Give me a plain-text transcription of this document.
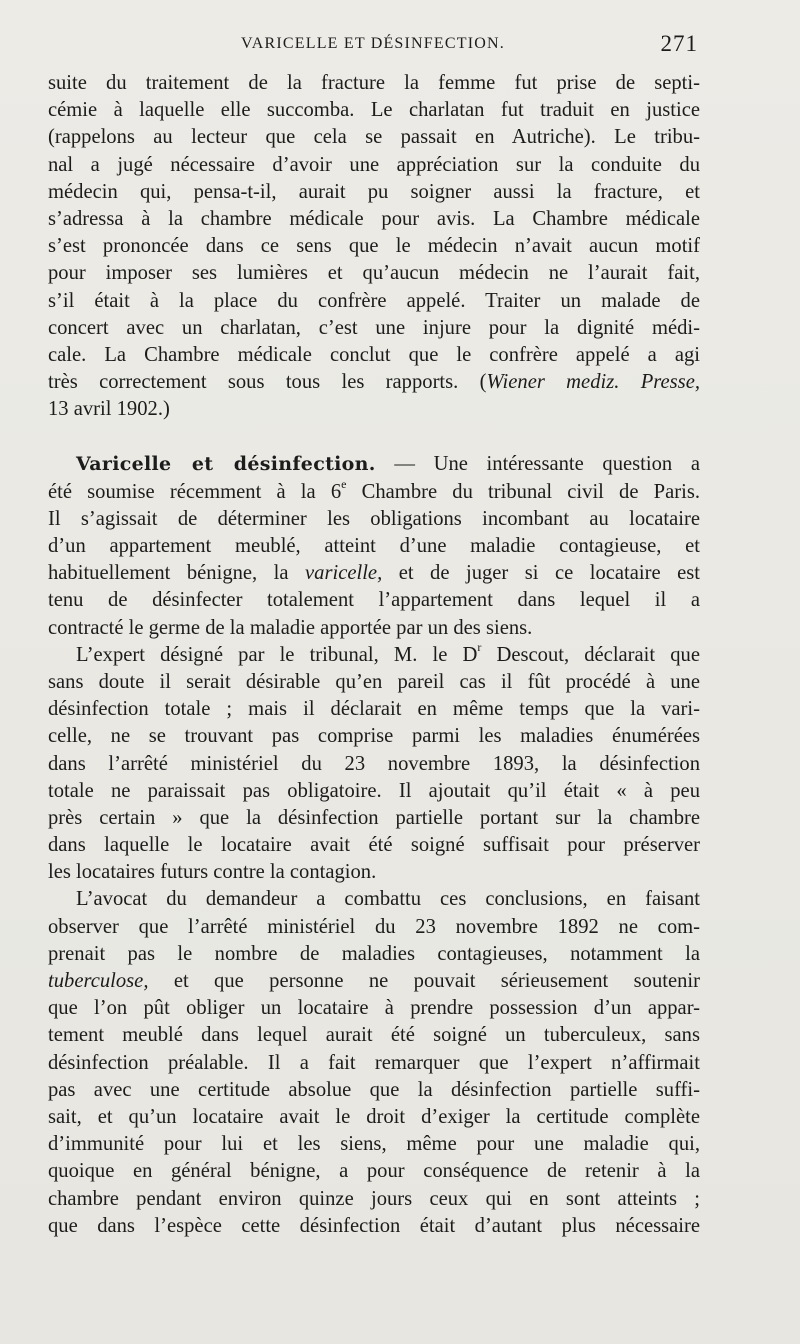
VARICELLE ET DÉSINFECTION.	271
suite du traitement de la fracture la femme fut prise de septi-
cémie à laquelle elle succomba. Le charlatan fut traduit en justice
(rappelons au lecteur que cela se passait en Autriche). Le tribu-
nal a jugé nécessaire d’avoir une appréciation sur la conduite du
médecin qui, pensa-t-il, aurait pu soigner aussi la fracture, et
s’adressa à la chambre médicale pour avis. La Chambre médicale
s’est prononcée dans ce sens que le médecin n’avait aucun motif
pour imposer ses lumières et qu’aucun médecin ne l’aurait fait,
s’il était à la place du confrère appelé. Traiter un malade de
concert avec un charlatan, c’est une injure pour la dignité médi-
cale. La Chambre médicale conclut que le confrère appelé a agi
très correctement sous tous les rapports. (Wiener mediz. Presse,
13 avril 1902.)
Varicelle et désinfection. — Une intéressante question a
été soumise récemment à la 6e Chambre du tribunal civil de Paris.
Il s’agissait de déterminer les obligations incombant au locataire
d’un appartement meublé, atteint d’une maladie contagieuse, et
habituellement bénigne, la varicelle, et de juger si ce locataire est
tenu de désinfecter totalement l’appartement dans lequel il a
contracté le germe de la maladie apportée par un des siens.
L’expert désigné par le tribunal, M. le $D^r$ Descout, déclarait que
sans doute il serait désirable qu’en pareil cas il fût procédé à une
désinfection totale ; mais il déclarait en même temps que la vari-
celle, ne se trouvant pas comprise parmi les maladies énumérées
dans l’arrêté ministériel du 23 novembre 1893, la désinfection
totale ne paraissait pas obligatoire. Il ajoutait qu’il était « à peu
près certain » que la désinfection partielle portant sur la chambre
dans laquelle le locataire avait été soigné suffisait pour préserver
les locataires futurs contre la contagion.
L’avocat du demandeur a combattu ces conclusions, en faisant
observer que l’arrêté ministériel du 23 novembre 1892 ne com-
prenait pas le nombre de maladies contagieuses, notamment la
tuberculose, et que personne ne pouvait sérieusement soutenir
que l’on pût obliger un locataire à prendre possession d’un appar-
tement meublé dans lequel aurait été soigné un tuberculeux, sans
désinfection préalable. Il a fait remarquer que l’expert n’affirmait
pas avec une certitude absolue que la désinfection partielle suffi-
sait, et qu’un locataire avait le droit d’exiger la certitude complète
d’immunité pour lui et les siens, même pour une maladie qui,
quoique en général bénigne, a pour conséquence de retenir à la
chambre pendant environ quinze jours ceux qui en sont atteints ;
que dans l’espèce cette désinfection était d’autant plus nécessaire
